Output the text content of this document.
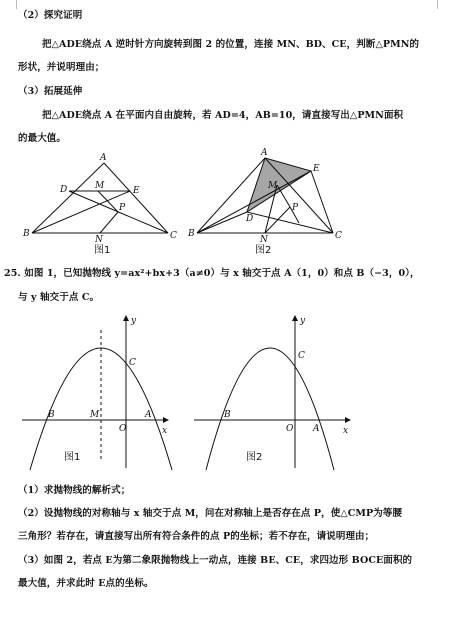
（2）探究证明
把△ADE绕点 A 逆时针方向旋转到图 2 的位置，连接 MN、BD、CE，判断△PMN的
形状，并说明理由；
（3）拓展延伸
把△ADE绕点 A 在平面内自由旋转，若 AD=4，AB=10，请直接写出△PMN面积
的最大值。
A
D	M	E
P
B
N	C
图1
A
E
M
D
P
B
N	C
图2
25. 如图 1，已知抛物线 y=ax²+bx+3（a≠0）与 x 轴交于点 A（1，0）和点 B（−3，0），
与 y 轴交于点 C。
y
C
B	M	A
O	x
图1
y
C
B
O A	x
图2
（1）求抛物线的解析式；
（2）设抛物线的对称轴与 x 轴交于点 M，问在对称轴上是否存在点 P，使△CMP为等腰
三角形？若存在，请直接写出所有符合条件的点 P的坐标；若不存在，请说明理由；
（3）如图 2，若点 E为第二象限抛物线上一动点，连接 BE、CE，求四边形 BOCE面积的
最大值，并求此时 E点的坐标。
